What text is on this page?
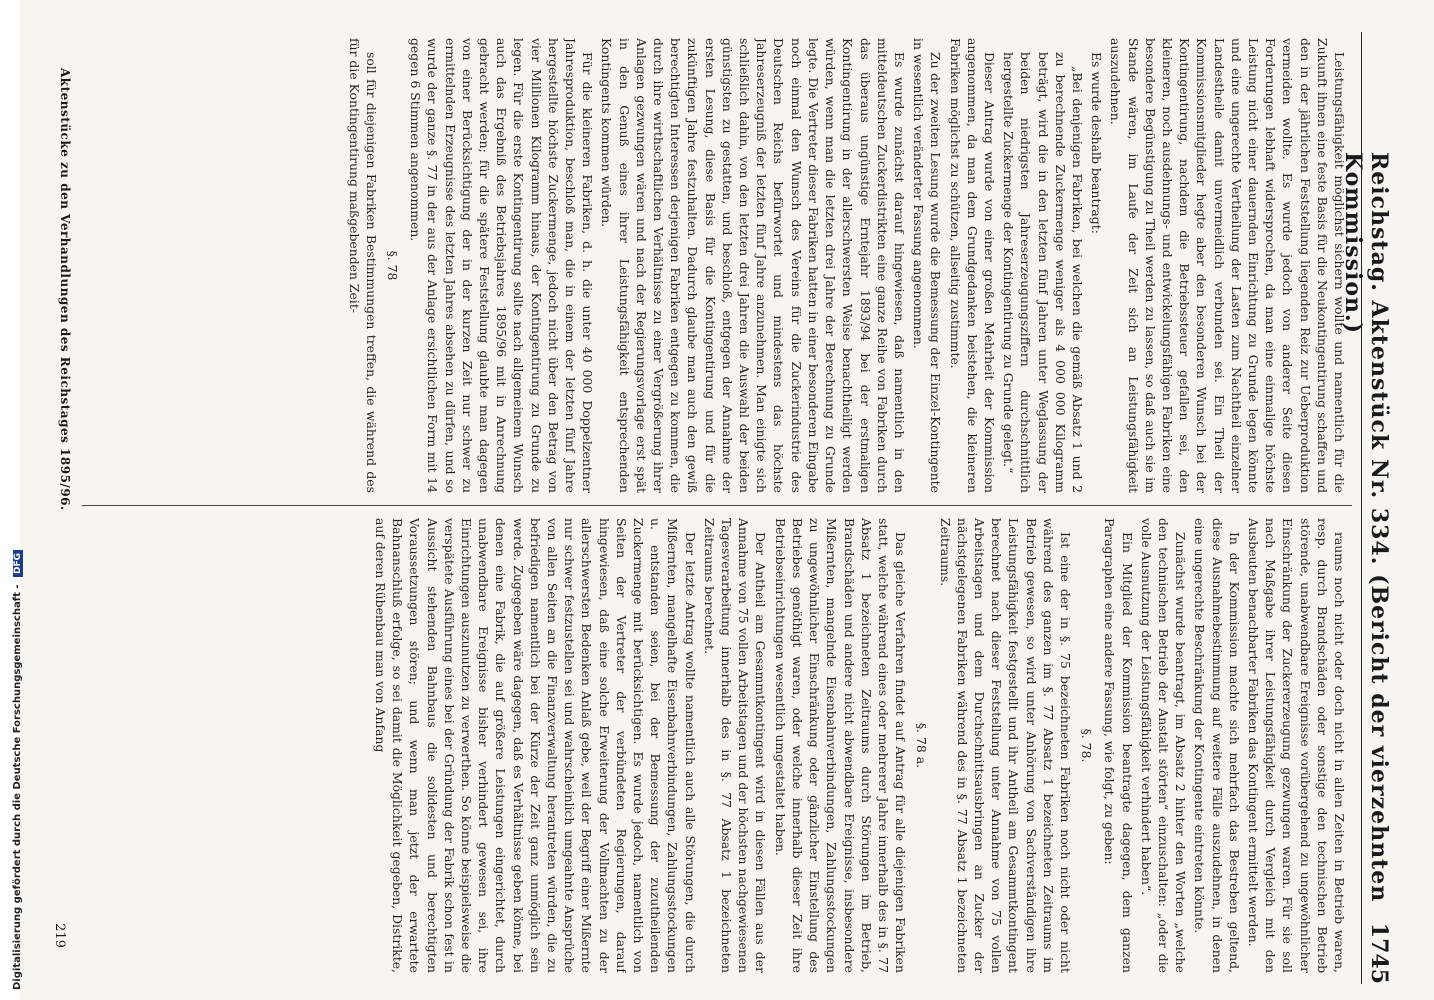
Reichstag. Aktenstück Nr. 334. (Bericht der vierzehnten Kommission.)
1745

Leistungsfähigkeit möglichst sichern wollte und namentlich für die Zukunft ihnen eine feste Basis für die Neukontingentirung schaffen und den in der jährlichen Feststellung liegenden Reiz zur Ueberproduktion vermeiden wollte. Es wurde jedoch von anderer Seite diesen Forderungen lebhaft widersprochen, da man eine einmalige höchste Leistung nicht einer dauernden Einrichtung zu Grunde legen könnte und eine ungerechte Vertheilung der Lasten zum Nachtheil einzelner Landestheile damit unvermeidlich verbunden sei. Ein Theil der Kommissionsmitglieder hegte aber den besonderen Wunsch bei der Kontingentirung, nachdem die Betriebssteuer gefallen sei, den kleineren, noch ausdehnungs- und entwickelungsfähigen Fabriken eine besondere Begünstigung zu Theil werden zu lassen, so daß auch sie im Stande wären, im Laufe der Zeit sich an Leistungsfähigkeit auszudehnen.

Es wurde deshalb beantragt:

„Bei denjenigen Fabriken, bei welchen die gemäß Absatz 1 und 2 zu berechnende Zuckermenge weniger als 4 000 000 Kilogramm beträgt, wird die in den letzten fünf Jahren unter Weglassung der beiden niedrigsten Jahreserzeugungsziffern durchschnittlich hergestellte Zuckermenge der Kontingentirung zu Grunde gelegt.“

Dieser Antrag wurde von einer großen Mehrheit der Kommission angenommen, da man dem Grundgedanken beistehen, die kleineren Fabriken möglichst zu schützen, allseitig zustimmte.

Zu der zweiten Lesung wurde die Bemessung der Einzel-Kontingente in wesentlich veränderter Fassung angenommen.

Es wurde zunächst darauf hingewiesen, daß namentlich in den mitteldeutschen Zuckerdistrikten eine ganze Reihe von Fabriken durch das überaus ungünstige Erntejahr 1893/94 bei der erstmaligen Kontingentirung in der allerschwersten Weise benachtheiligt werden würden, wenn man die letzten drei Jahre der Berechnung zu Grunde legte. Die Vertreter dieser Fabriken hatten in einer besonderen Eingabe noch einmal den Wunsch des Vereins für die Zuckerindustrie des Deutschen Reichs befürwortet und mindestens das höchste Jahreserzeugniß der letzten fünf Jahre anzunehmen. Man einigte sich schließlich dahin, von den letzten drei Jahren die Auswahl der beiden günstigsten zu gestatten, und beschloß, entgegen der Annahme der ersten Lesung, diese Basis für die Kontingentirung und für die zukünftigen Jahre festzuhalten. Dadurch glaube man auch den gewiß berechtigten Interessen derjenigen Fabriken entgegen zu kommen, die durch ihre wirthschaftlichen Verhältnisse zu einer Vergrößerung ihrer Anlagen gezwungen wären und nach der Regierungsvorlage erst spät in den Genuß eines ihrer Leistungsfähigkeit entsprechenden Kontingents kommen würden.

Für die kleineren Fabriken, d. h. die unter 40 000 Doppelzentner Jahresproduktion, beschloß man, die in einem der letzten fünf Jahre hergestellte höchste Zuckermenge, jedoch nicht über den Betrag von vier Millionen Kilogramm hinaus, der Kontingentirung zu Grunde zu legen. Für die erste Kontingentirung sollte nach allgemeinem Wunsch auch das Ergebniß des Betriebsjahres 1895/96 mit in Anrechnung gebracht werden; für die spätere Feststellung glaubte man dagegen von einer Berücksichtigung der in der kurzen Zeit nur schwer zu ermittelnden Erzeugnisse des letzten Jahres absehen zu dürfen, und so wurde der ganze §. 77 in der aus der Anlage ersichtlichen Form mit 14 gegen 6 Stimmen angenommen.

§. 78

soll für diejenigen Fabriken Bestimmungen treffen, die während des für die Kontingentirung maßgebenden Zeit-

raums noch nicht oder doch nicht in allen Zeiten in Betrieb waren, resp. durch Brandschäden oder sonstige den technischen Betrieb störende, unabwendbare Ereignisse vorübergehend zu ungewöhnlicher Einschränkung der Zuckererzeugung gezwungen waren. Für sie soll nach Maßgabe ihrer Leistungsfähigkeit durch Vergleich mit den Ausbeuten benachbarter Fabriken das Kontingent ermittelt werden.

In der Kommission machte sich mehrfach das Bestreben geltend, diese Ausnahmebestimmung auf weitere Fälle auszudehnen, in denen eine ungerechte Beschränkung der Kontingente eintreten könnte.

Zunächst wurde beantragt, im Absatz 2 hinter den Worten „welche den technischen Betrieb der Anstalt störten“ einzuschalten: „oder die volle Ausnutzung der Leistungsfähigkeit verhindert haben“.

Ein Mitglied der Kommission beantragte dagegen, dem ganzen Paragraphen eine andere Fassung, wie folgt, zu geben:

§. 78.

Ist eine der in §. 75 bezeichneten Fabriken noch nicht oder nicht während des ganzen im §. 77 Absatz 1 bezeichneten Zeitraums im Betrieb gewesen, so wird unter Anhörung von Sachverständigen ihre Leistungsfähigkeit festgestellt und ihr Antheil am Gesammtkontingent berechnet nach dieser Feststellung unter Annahme von 75 vollen Arbeitstagen und dem Durchschnittsausbringen an Zucker der nächstgelegenen Fabriken während des in §. 77 Absatz 1 bezeichneten Zeitraums.

§. 78 a.

Das gleiche Verfahren findet auf Antrag für alle diejenigen Fabriken statt, welche während eines oder mehrerer Jahre innerhalb des in §. 77 Absatz 1 bezeichneten Zeitraums durch Störungen im Betrieb, Brandschäden und andere nicht abwendbare Ereignisse, insbesondere Mißernten, mangelnde Eisenbahnverbindungen, Zahlungsstockungen zu ungewöhnlicher Einschränkung oder gänzlicher Einstellung des Betriebes genöthigt waren, oder welche innerhalb dieser Zeit ihre Betriebseinrichtungen wesentlich umgestaltet haben.

Der Antheil am Gesammtkontingent wird in diesen Fällen aus der Annahme von 75 vollen Arbeitstagen und der höchsten nachgewiesenen Tagesverarbeitung innerhalb des in §. 77 Absatz 1 bezeichneten Zeitraums berechnet.

Der letzte Antrag wollte namentlich auch alle Störungen, die durch Mißernten, mangelhafte Eisenbahnverbindungen, Zahlungsstockungen u. entstanden seien, bei der Bemessung der zuzutheilenden Zuckermenge mit berücksichtigen. Es wurde jedoch, namentlich von Seiten der Vertreter der verbündeten Regierungen, darauf hingewiesen, daß eine solche Erweiterung der Vollmachten zu der allerschwersten Bedenken Anlaß gebe, weil der Begriff einer Mißernte nur schwer festzustellen sei und wahrscheinlich umgeahnte Ansprüche von allen Seiten an die Finanzverwaltung herantreten würden, die zu befriedigen namentlich bei der Kürze der Zeit ganz unmöglich sein werde. Zugegeben wäre dagegen, daß es Verhältnisse geben könne, bei denen eine Fabrik, die auf größere Leistungen eingerichtet, durch unabwendbare Ereignisse bisher verhindert gewesen sei, ihre Einrichtungen auszunutzen zu verwerthen. So könne beispielsweise die verspätete Ausführung eines bei der Gründung der Fabrik schon fest in Aussicht stehenden Bahnbaus die solidesten und berechtigten Voraussetzungen stören; und wenn man jetzt der erwartete Bahnanschluß erfolge, so sei damit die Möglichkeit gegeben, Distrikte, auf deren Rübenbau man von Anfang

Aktenstücke zu den Verhandlungen des Reichstages 1895/96.
219
Digitalisierung gefördert durch die Deutsche Forschungsgemeinschaft - DFG
